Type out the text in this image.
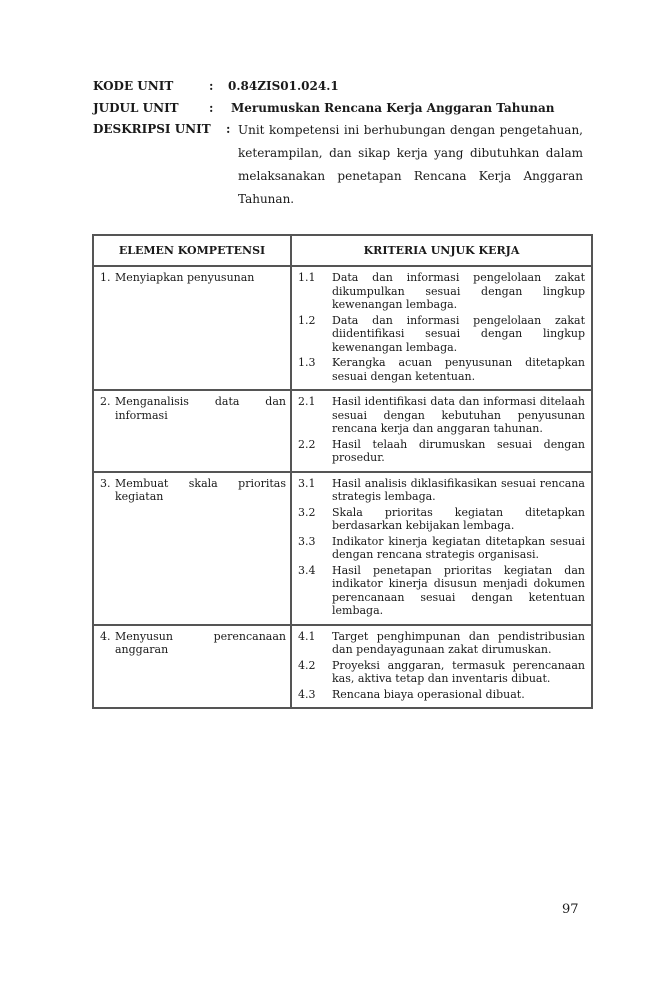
KODE UNIT	:	0.84ZIS01.024.1
JUDUL UNIT	:	Merumuskan Rencana Kerja Anggaran Tahunan
DESKRIPSI UNIT	: Unit kompetensi ini berhubungan dengan pengetahuan, keterampilan, dan sikap kerja yang dibutuhkan dalam melaksanakan penetapan Rencana Kerja Anggaran Tahunan.
ELEMEN KOMPETENSI	KRITERIA UNJUK KERJA

1. Menyiapkan penyusunan	1.1	Data dan informasi pengelolaan zakat dikumpulkan sesuai dengan lingkup kewenangan lembaga.
1.2	Data dan informasi pengelolaan zakat diidentifikasi sesuai dengan lingkup kewenangan lembaga.
1.3	Kerangka acuan penyusunan ditetapkan sesuai dengan ketentuan.

2. Menganalisis data dan informasi

2.1	Hasil identifikasi data dan informasi ditelaah sesuai dengan kebutuhan penyusunan rencana kerja dan anggaran tahunan.
2.2	Hasil telaah dirumuskan sesuai dengan prosedur.

3. Membuat skala prioritas kegiatan

3.1	Hasil analisis diklasifikasikan sesuai rencana strategis lembaga.
3.2	Skala prioritas kegiatan ditetapkan berdasarkan kebijakan lembaga.
3.3	Indikator kinerja kegiatan ditetapkan sesuai dengan rencana strategis organisasi.
3.4	Hasil penetapan prioritas kegiatan dan indikator kinerja disusun menjadi dokumen perencanaan sesuai dengan ketentuan lembaga.

4. Menyusun perencanaan anggaran

4.1	Target penghimpunan dan pendistribusian dan pendayagunaan zakat dirumuskan.
4.2	Proyeksi anggaran, termasuk perencanaan kas, aktiva tetap dan inventaris dibuat.
4.3	Rencana biaya operasional dibuat.
97
